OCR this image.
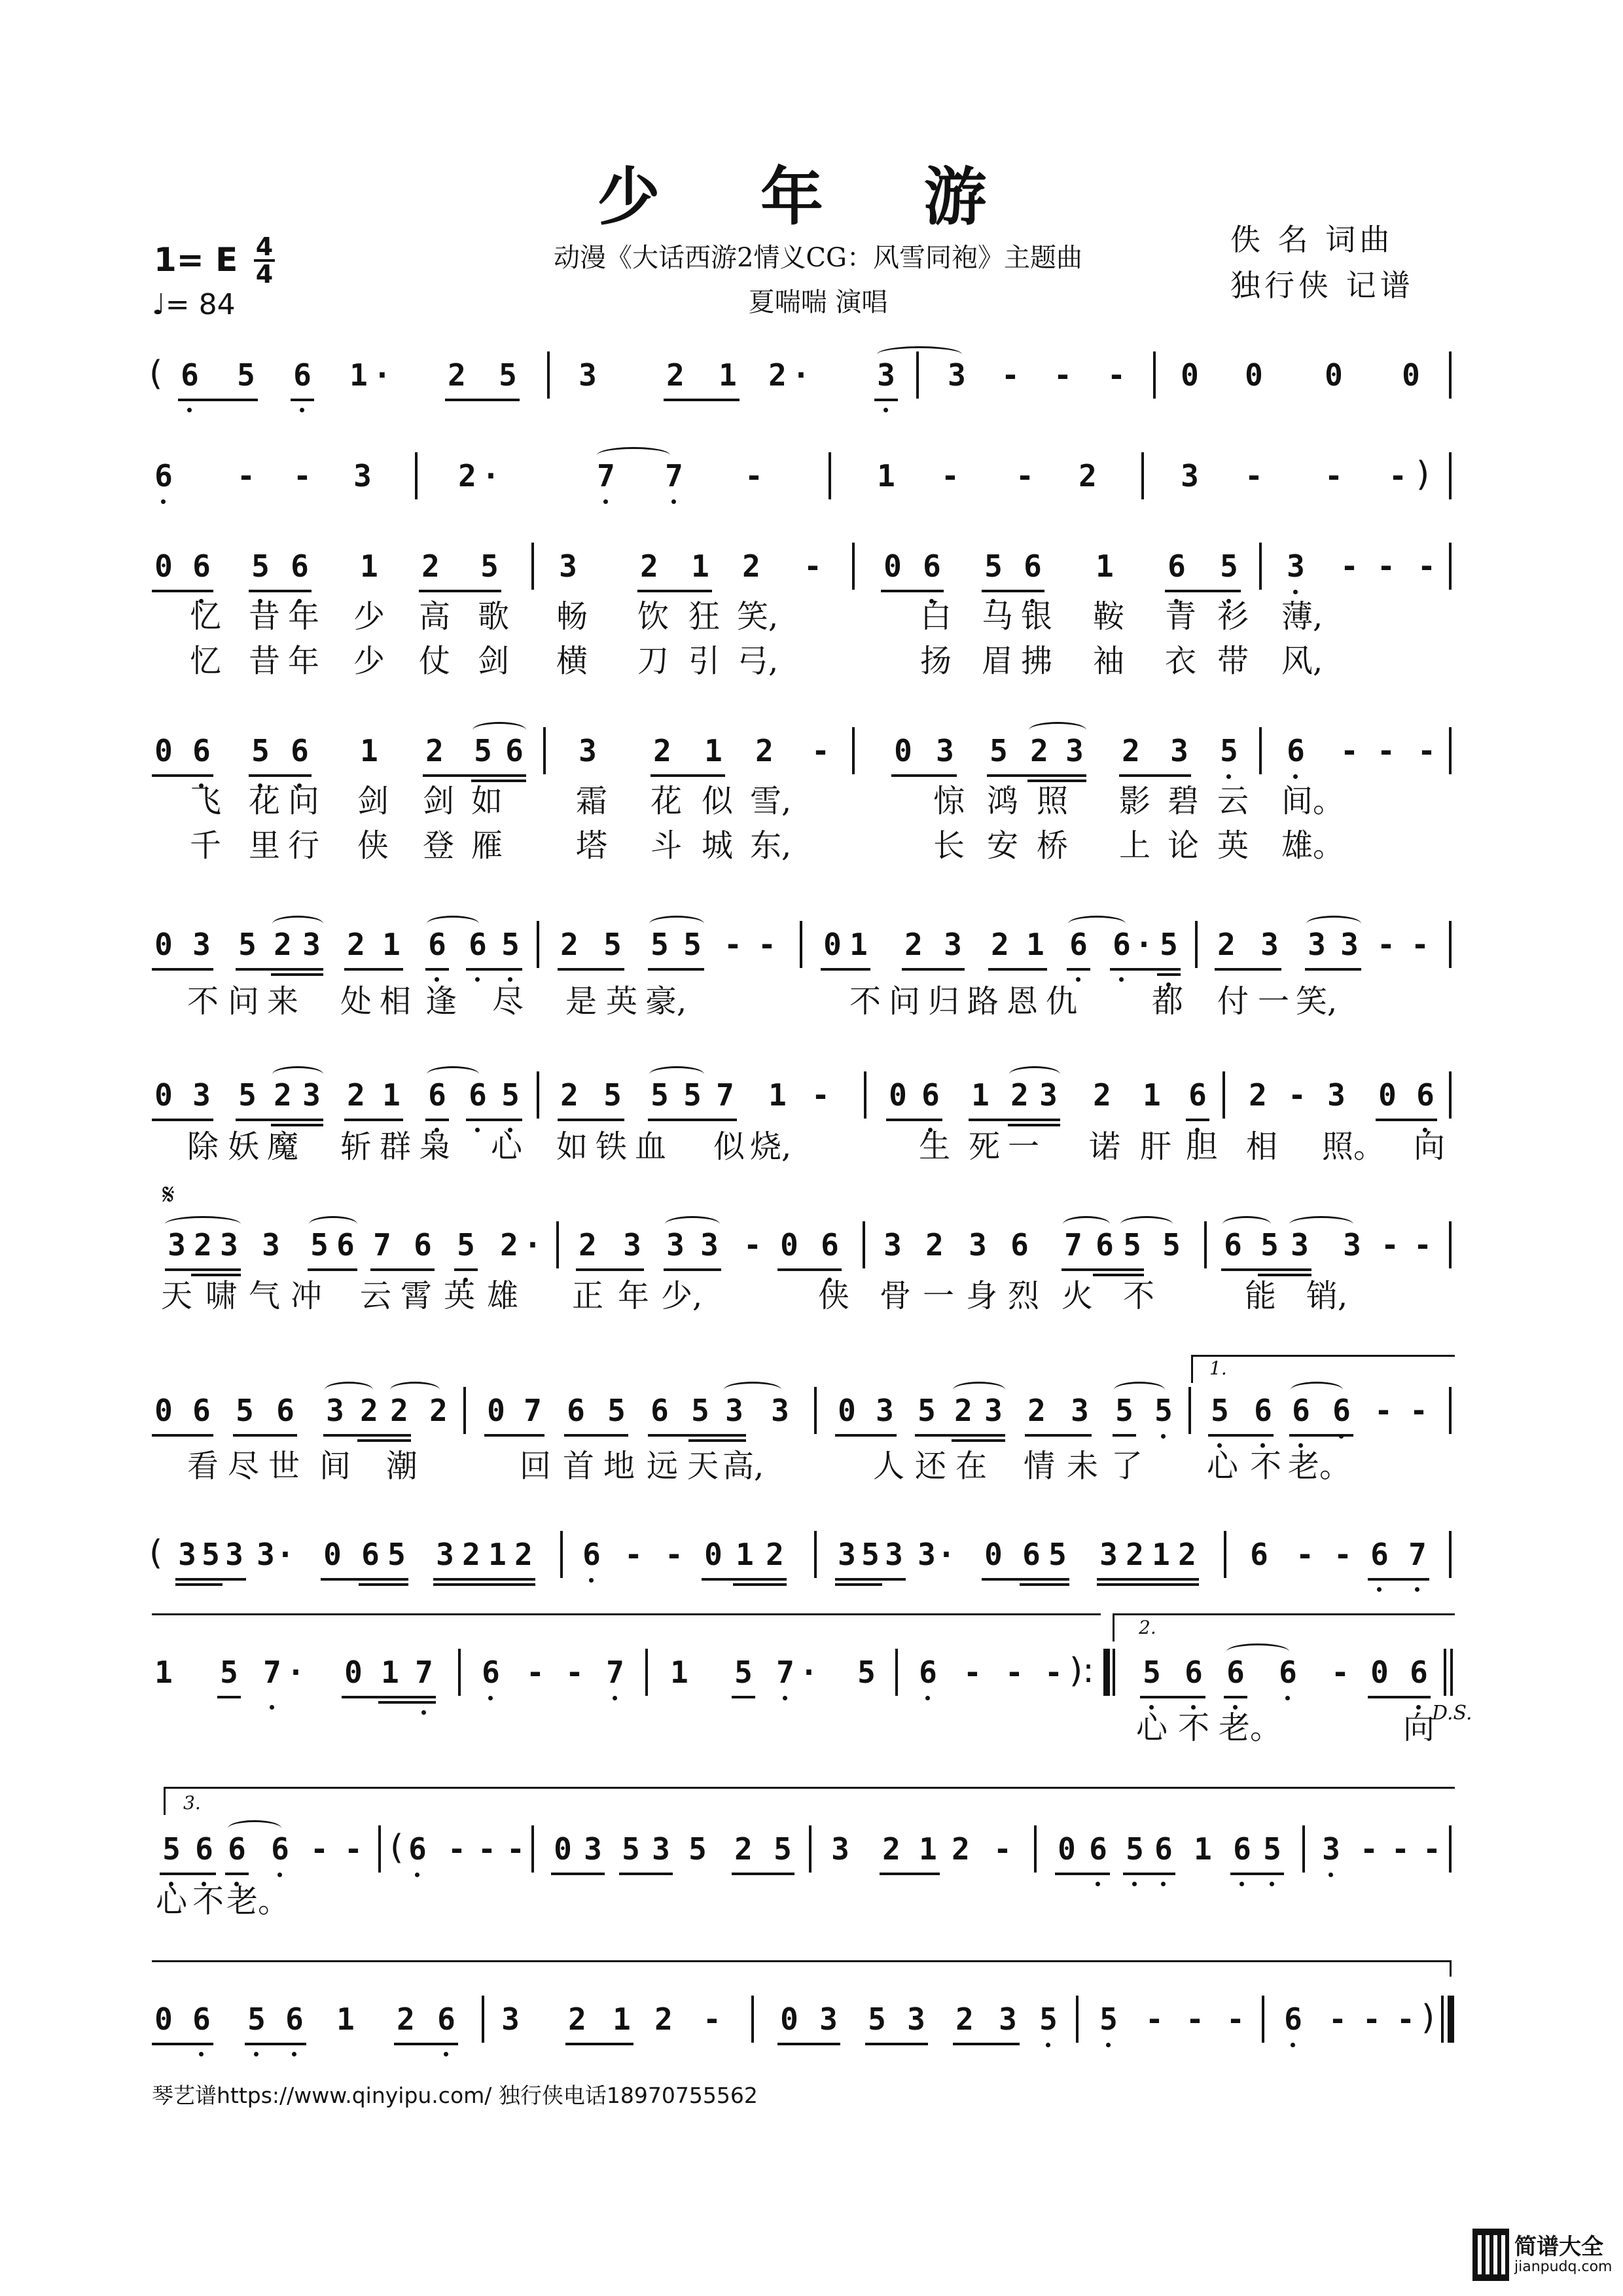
少 年 游
1= E 4
4
♩= 84
动漫《大话西游2情义CG：风雪同袍》主题曲
夏喘喘 演唱
佚 名 词曲
独行侠 记谱
( 6 5 6 1 · 2 5 3 2 1 2 · 3 3 - - - 0 0 0 0
6 - - 3	2 ·	7 7 -	1 - - 2	3 - - - )
0 6 5 6 1 2 5 3 2 1 2 - 0 6 5 6 1 6 5 3 - - -
忆 昔 年 少 高 歌 畅 饮 狂 笑,	白 马 银 鞍 青 衫 薄,
忆 昔 年 少 仗 剑 横 刀 引 弓,	扬 眉 拂 袖 衣 带 风,
0 6 5 6 1 2 5 6 3 2 1 2 - 0 3 5 2 3 2 3 5 6 - - -
飞 花 问 剑 剑 如 霜 花 似 雪,	惊 鸿 照 影 碧 云 间。
千 里 行 侠 登 雁 塔 斗 城 东,	长 安 桥 上 论 英 雄。
0 3 5 2 3 2 1 6 6 5 2 5 5 5 - - 0 1 2 3 2 1 6 6 · 5 2 3 3 3 - -
不 问 来 处 相 逢 尽 是 英 豪,	不 问 归 路 恩 仇 都 付 一 笑,
0 3 5 2 3 2 1 6 6 5 2 5 5 5 7 1 - 0 6 1 2 3 2 1 6 2 - 3 0 6
除 妖 魔 斩 群 枭 心 如 铁 血 似 烧,	生 死 一 诺 肝 胆 相 照。 向
𝄋
3 2 3 3 5 6 7 6 5 2 · 2 3 3 3 - 0 6 3 2 3 6 7 6 5 5 6 5 3 3 - -
天 啸 气 冲 云 霄 英 雄 正 年 少,	侠 骨 一 身 烈 火 不	能 销,
1.
0 6 5 6 3 2 2 2 0 7 6 5 6 5 3 3 0 3 5 2 3 2 3 5 5 5 6 6 6 - -
看 尽 世 间 潮	回 首 地 远 天 高,	人 还 在 情 未 了 心 不 老。
( 3 5 3 3 · 0 6 5 3 2 1 2 6 - - 0 1 2 3 5 3 3 · 0 6 5 3 2 1 2 6 - - 6 7
2.
1 5 7 · 0 1 7 6 - - 7 1 5 7 · 5 6 - - - ): 5 6 6 6 - 0 6
心 不 老。	向
D.S.
3.
5 6 6 6 - - ( 6 - - - 0 3 5 3 5 2 5 3 2 1 2 - 0 6 5 6 1 6 5 3 - - -
心 不 老。
0 6 5 6 1 2 6 3 2 1 2 - 0 3 5 3 2 3 5 5 - - - 6 - - - )
琴艺谱https://www.qinyipu.com/ 独行侠电话18970755562
简谱大全
jianpudq.com
